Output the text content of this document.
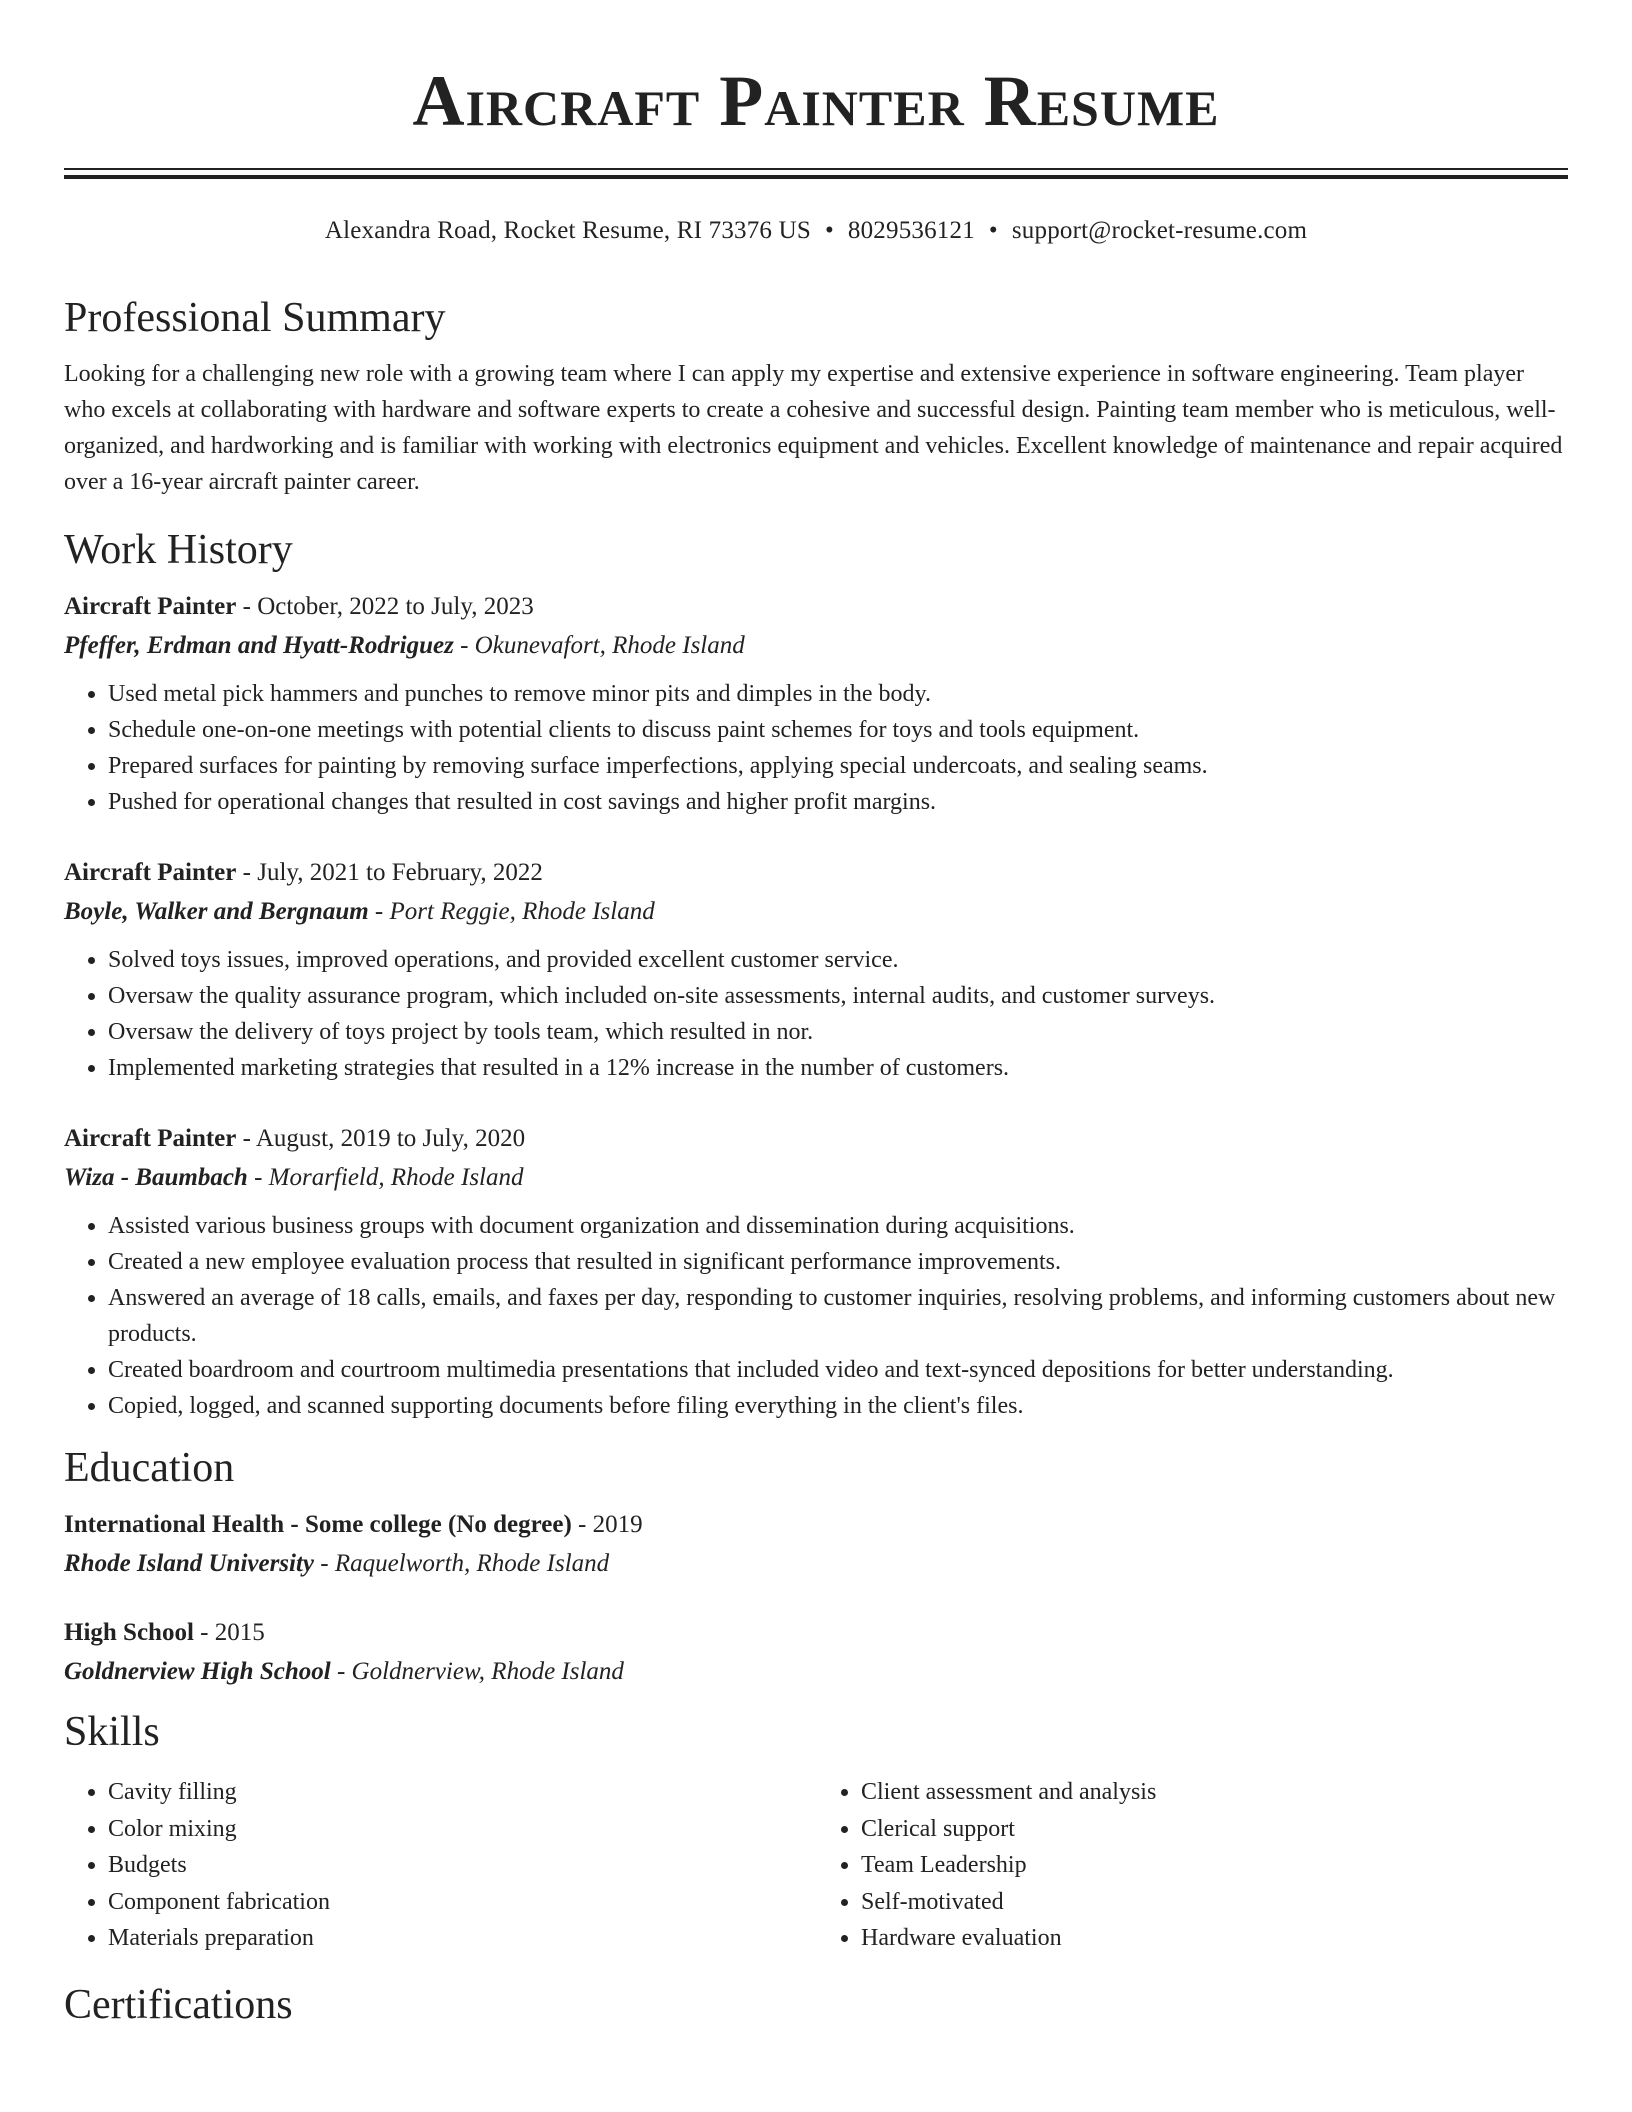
Aircraft Painter Resume
Alexandra Road, Rocket Resume, RI 73376 US • 8029536121 • support@rocket-resume.com
Professional Summary

Looking for a challenging new role with a growing team where I can apply my expertise and extensive experience in software engineering. Team player who excels at collaborating with hardware and software experts to create a cohesive and successful design. Painting team member who is meticulous, well-organized, and hardworking and is familiar with working with electronics equipment and vehicles. Excellent knowledge of maintenance and repair acquired over a 16-year aircraft painter career.

Work History

Aircraft Painter - October, 2022 to July, 2023

Pfeffer, Erdman and Hyatt-Rodriguez - Okunevafort, Rhode Island

• Used metal pick hammers and punches to remove minor pits and dimples in the body.
• Schedule one-on-one meetings with potential clients to discuss paint schemes for toys and tools equipment.
• Prepared surfaces for painting by removing surface imperfections, applying special undercoats, and sealing seams.
• Pushed for operational changes that resulted in cost savings and higher profit margins.

Aircraft Painter - July, 2021 to February, 2022

Boyle, Walker and Bergnaum - Port Reggie, Rhode Island

• Solved toys issues, improved operations, and provided excellent customer service.
• Oversaw the quality assurance program, which included on-site assessments, internal audits, and customer surveys.
• Oversaw the delivery of toys project by tools team, which resulted in nor.
• Implemented marketing strategies that resulted in a 12% increase in the number of customers.

Aircraft Painter - August, 2019 to July, 2020

Wiza - Baumbach - Morarfield, Rhode Island

• Assisted various business groups with document organization and dissemination during acquisitions.
• Created a new employee evaluation process that resulted in significant performance improvements.
• Answered an average of 18 calls, emails, and faxes per day, responding to customer inquiries, resolving problems, and informing customers about new products.
• Created boardroom and courtroom multimedia presentations that included video and text-synced depositions for better understanding.
• Copied, logged, and scanned supporting documents before filing everything in the client's files.
Education

International Health - Some college (No degree) - 2019

Rhode Island University - Raquelworth, Rhode Island

High School - 2015

Goldnerview High School - Goldnerview, Rhode Island

Skills
• Cavity filling
• Color mixing
• Budgets
• Component fabrication
• Materials preparation
• Client assessment and analysis
• Clerical support
• Team Leadership
• Self-motivated
• Hardware evaluation
Certifications
